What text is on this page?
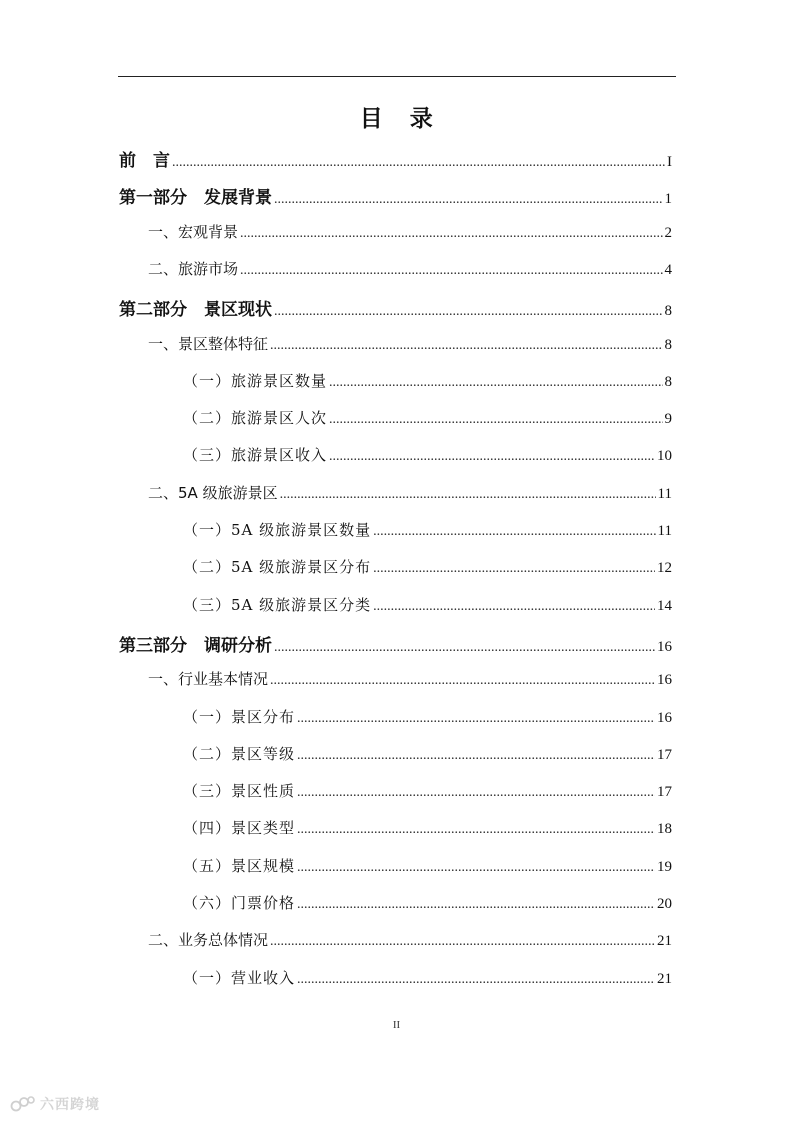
目 录
前　言 .....	I
第一部分　发展背景 .....	1
一、宏观背景 .....	2
二、旅游市场 .....	4
第二部分　景区现状 .....	8
一、景区整体特征 .....	8
（一）旅游景区数量 .....	8
（二）旅游景区人次 .....	9
（三）旅游景区收入 .....	10
二、5A 级旅游景区 .....	11
（一）5A 级旅游景区数量 .....	11
（二）5A 级旅游景区分布 .....	12
（三）5A 级旅游景区分类 .....	14
第三部分　调研分析 .....	16
一、行业基本情况 .....	16
（一）景区分布 .....	16
（二）景区等级 .....	17
（三）景区性质 .....	17
（四）景区类型 .....	18
（五）景区规模 .....	19
（六）门票价格 .....	20
二、业务总体情况 .....	21
（一）营业收入 .....	21
II
六西跨境
